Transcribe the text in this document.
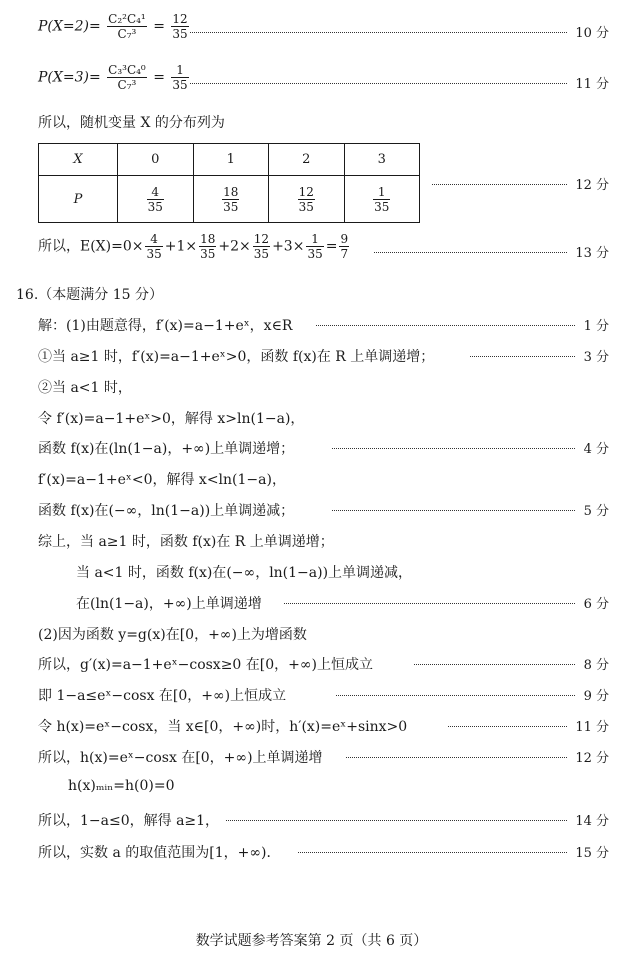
$P(X=2)= \frac{\text{C₂²C₄¹}}{\text{C₇³}} = \frac{12}{35}$	10 分
$P(X=3)= \frac{\text{C₃³C₄⁰}}{\text{C₇³}} = \frac{1}{35}$	11 分
所以，随机变量 X 的分布列为
X	0	1	2	3
P	$\frac{4}{35}$	$\frac{18}{35}$	$\frac{12}{35}$	$\frac{1}{35}$	12 分
所以，$E(X)=0\times \frac{4}{35} +1\times \frac{18}{35} +2\times \frac{12}{35} +3\times \frac{1}{35} = \frac{9}{7}$	13 分
16.（本题满分 15 分）
解：(1)由题意得，f′(x)=a−1+eˣ，x∈R	1 分
①当 a≥1 时，f′(x)=a−1+eˣ>0，函数 f(x)在 R 上单调递增；	3 分
②当 a<1 时，
令 f′(x)=a−1+eˣ>0，解得 x>ln(1−a)，
函数 f(x)在(ln(1−a)，+∞)上单调递增；	4 分
f′(x)=a−1+eˣ<0，解得 x<ln(1−a)，
函数 f(x)在(−∞，ln(1−a))上单调递减；	5 分
综上，当 a≥1 时，函数 f(x)在 R 上单调递增；
当 a<1 时，函数 f(x)在(−∞，ln(1−a))上单调递减，
在(ln(1−a)，+∞)上单调递增	6 分
(2)因为函数 y=g(x)在[0，+∞)上为增函数
所以，g′(x)=a−1+eˣ−cosx≥0 在[0，+∞)上恒成立	8 分
即 1−a≤eˣ−cosx 在[0，+∞)上恒成立	9 分
令 h(x)=eˣ−cosx，当 x∈[0，+∞)时，h′(x)=eˣ+sinx>0	11 分
所以，h(x)=eˣ−cosx 在[0，+∞)上单调递增	12 分
h(x)ₘᵢₙ=h(0)=0
所以，1−a≤0，解得 a≥1，	14 分
所以，实数 a 的取值范围为[1，+∞)．	15 分
数学试题参考答案第 2 页（共 6 页）
